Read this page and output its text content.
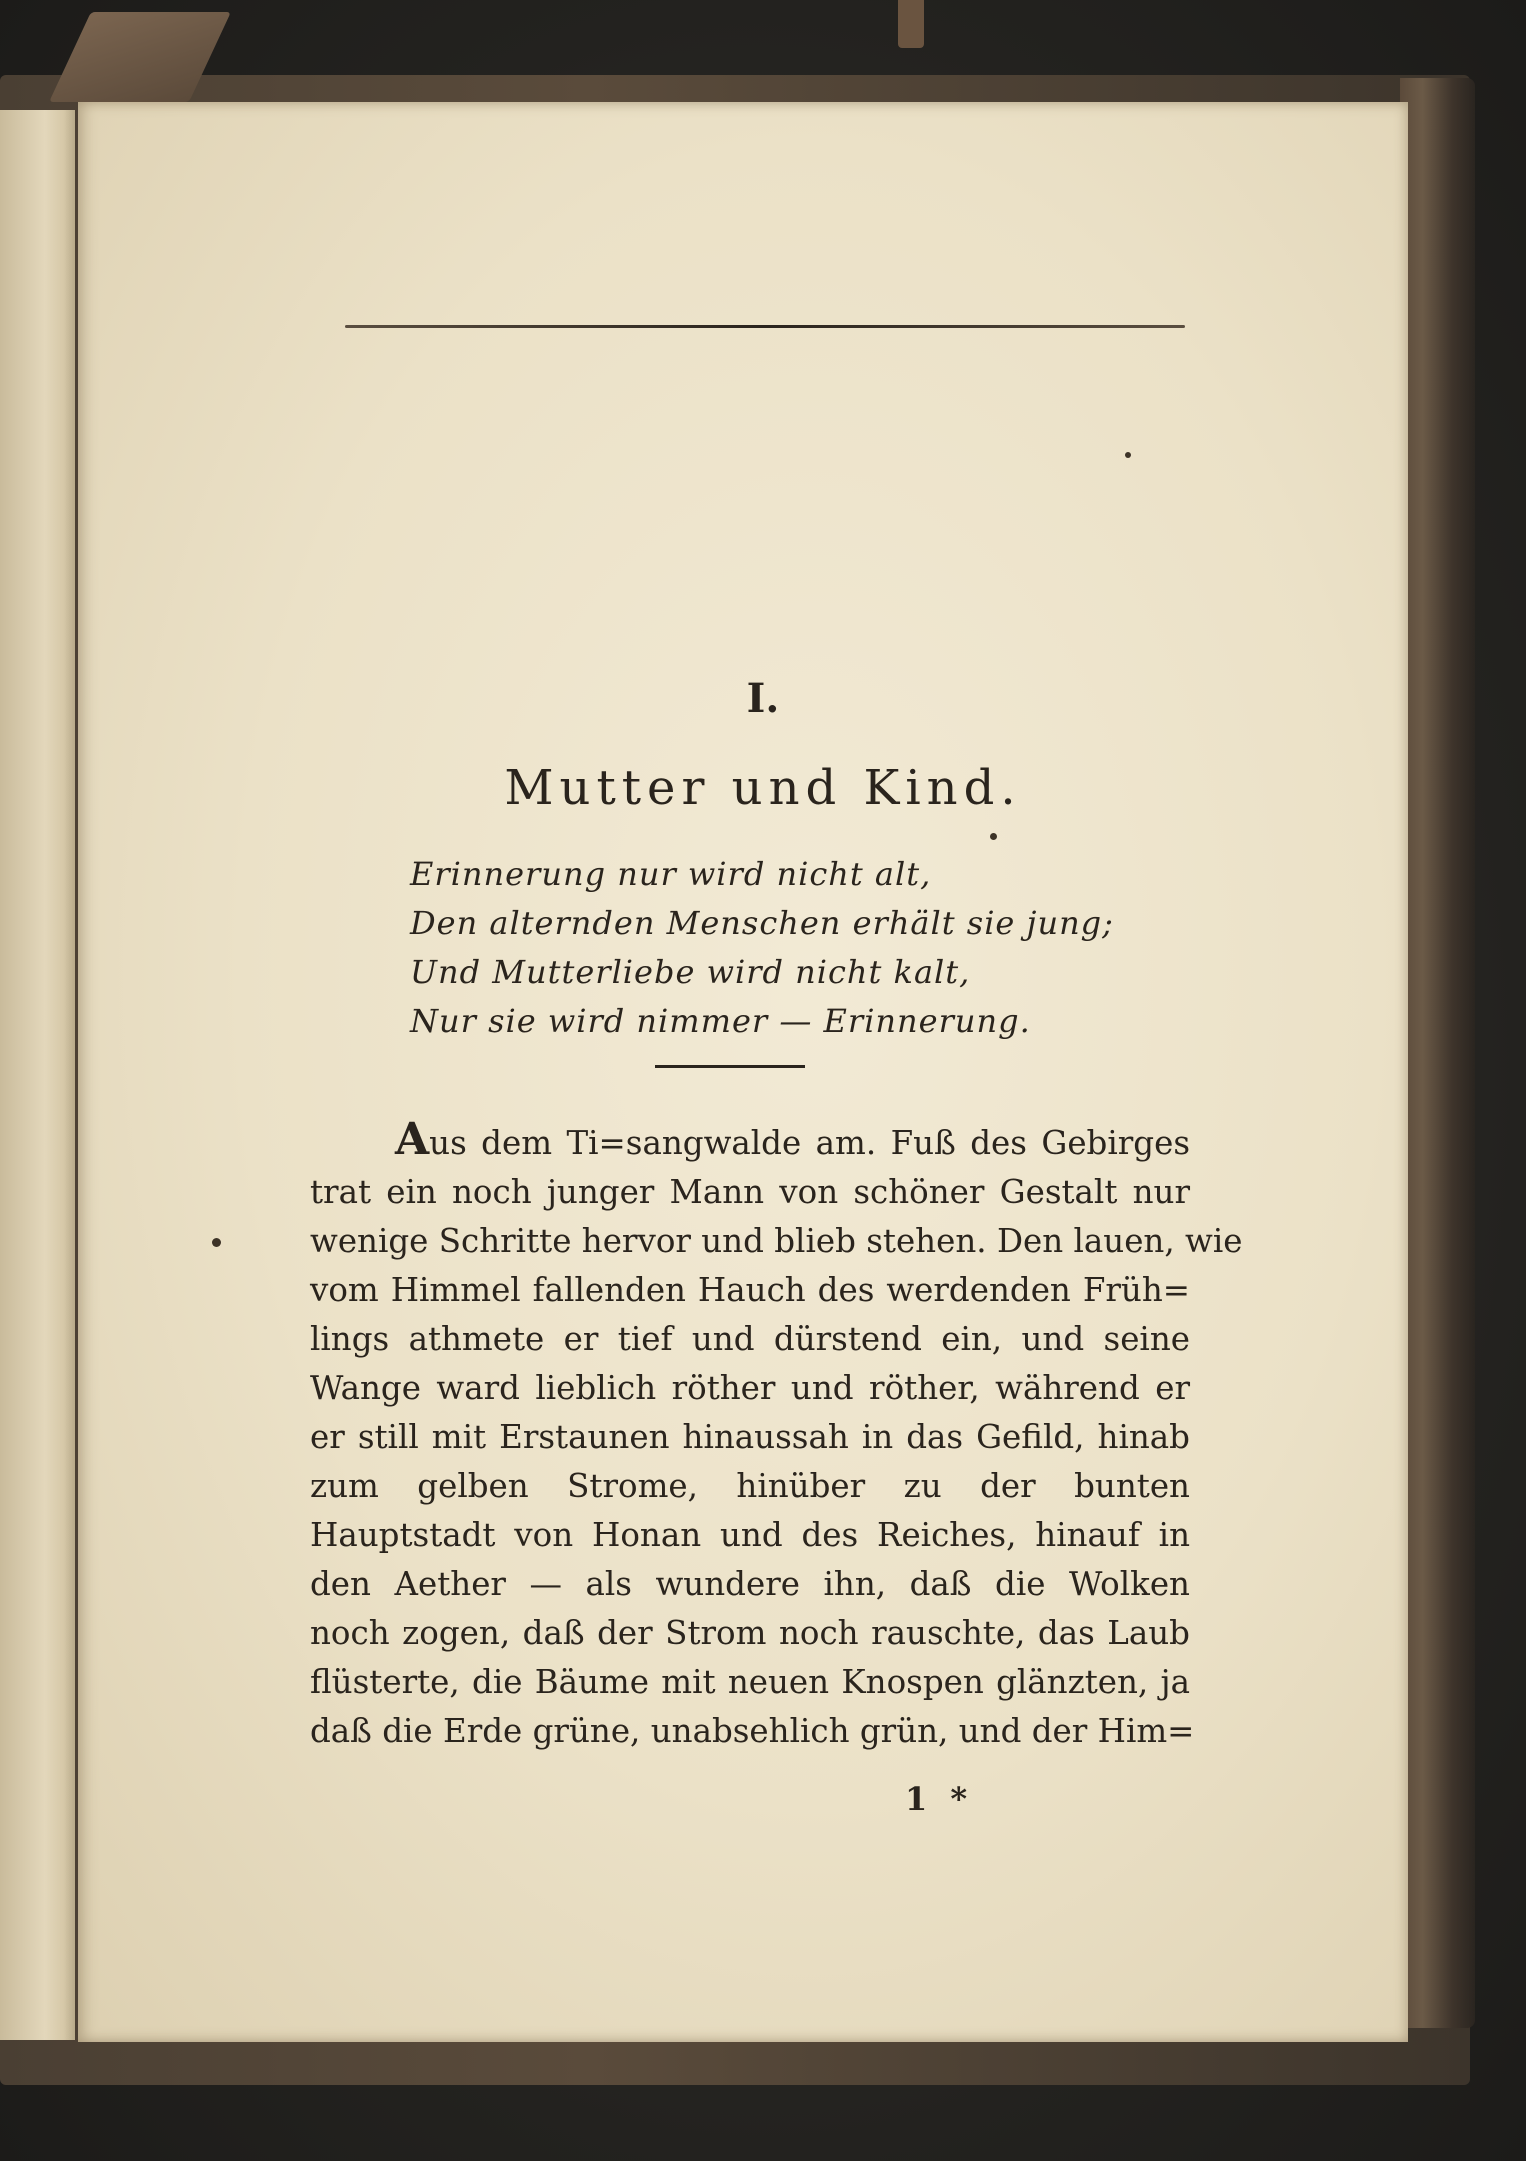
I.
Mutter und Kind.
Erinnerung nur wird nicht alt,
Den alternden Menschen erhält sie jung;
Und Mutterliebe wird nicht kalt,
Nur sie wird nimmer — Erinnerung.
Aus dem Ti=sangwalde am. Fuß des Gebirges
trat ein noch junger Mann von schöner Gestalt nur
wenige Schritte hervor und blieb stehen. Den lauen, wie
vom Himmel fallenden Hauch des werdenden Früh=
lings athmete er tief und dürstend ein, und seine
Wange ward lieblich röther und röther, während er
er still mit Erstaunen hinaussah in das Gefild, hinab
zum gelben Strome, hinüber zu der bunten
Hauptstadt von Honan und des Reiches, hinauf in
den Aether — als wundere ihn, daß die Wolken
noch zogen, daß der Strom noch rauschte, das Laub
flüsterte, die Bäume mit neuen Knospen glänzten, ja
daß die Erde grüne, unabsehlich grün, und der Him=
1 *
